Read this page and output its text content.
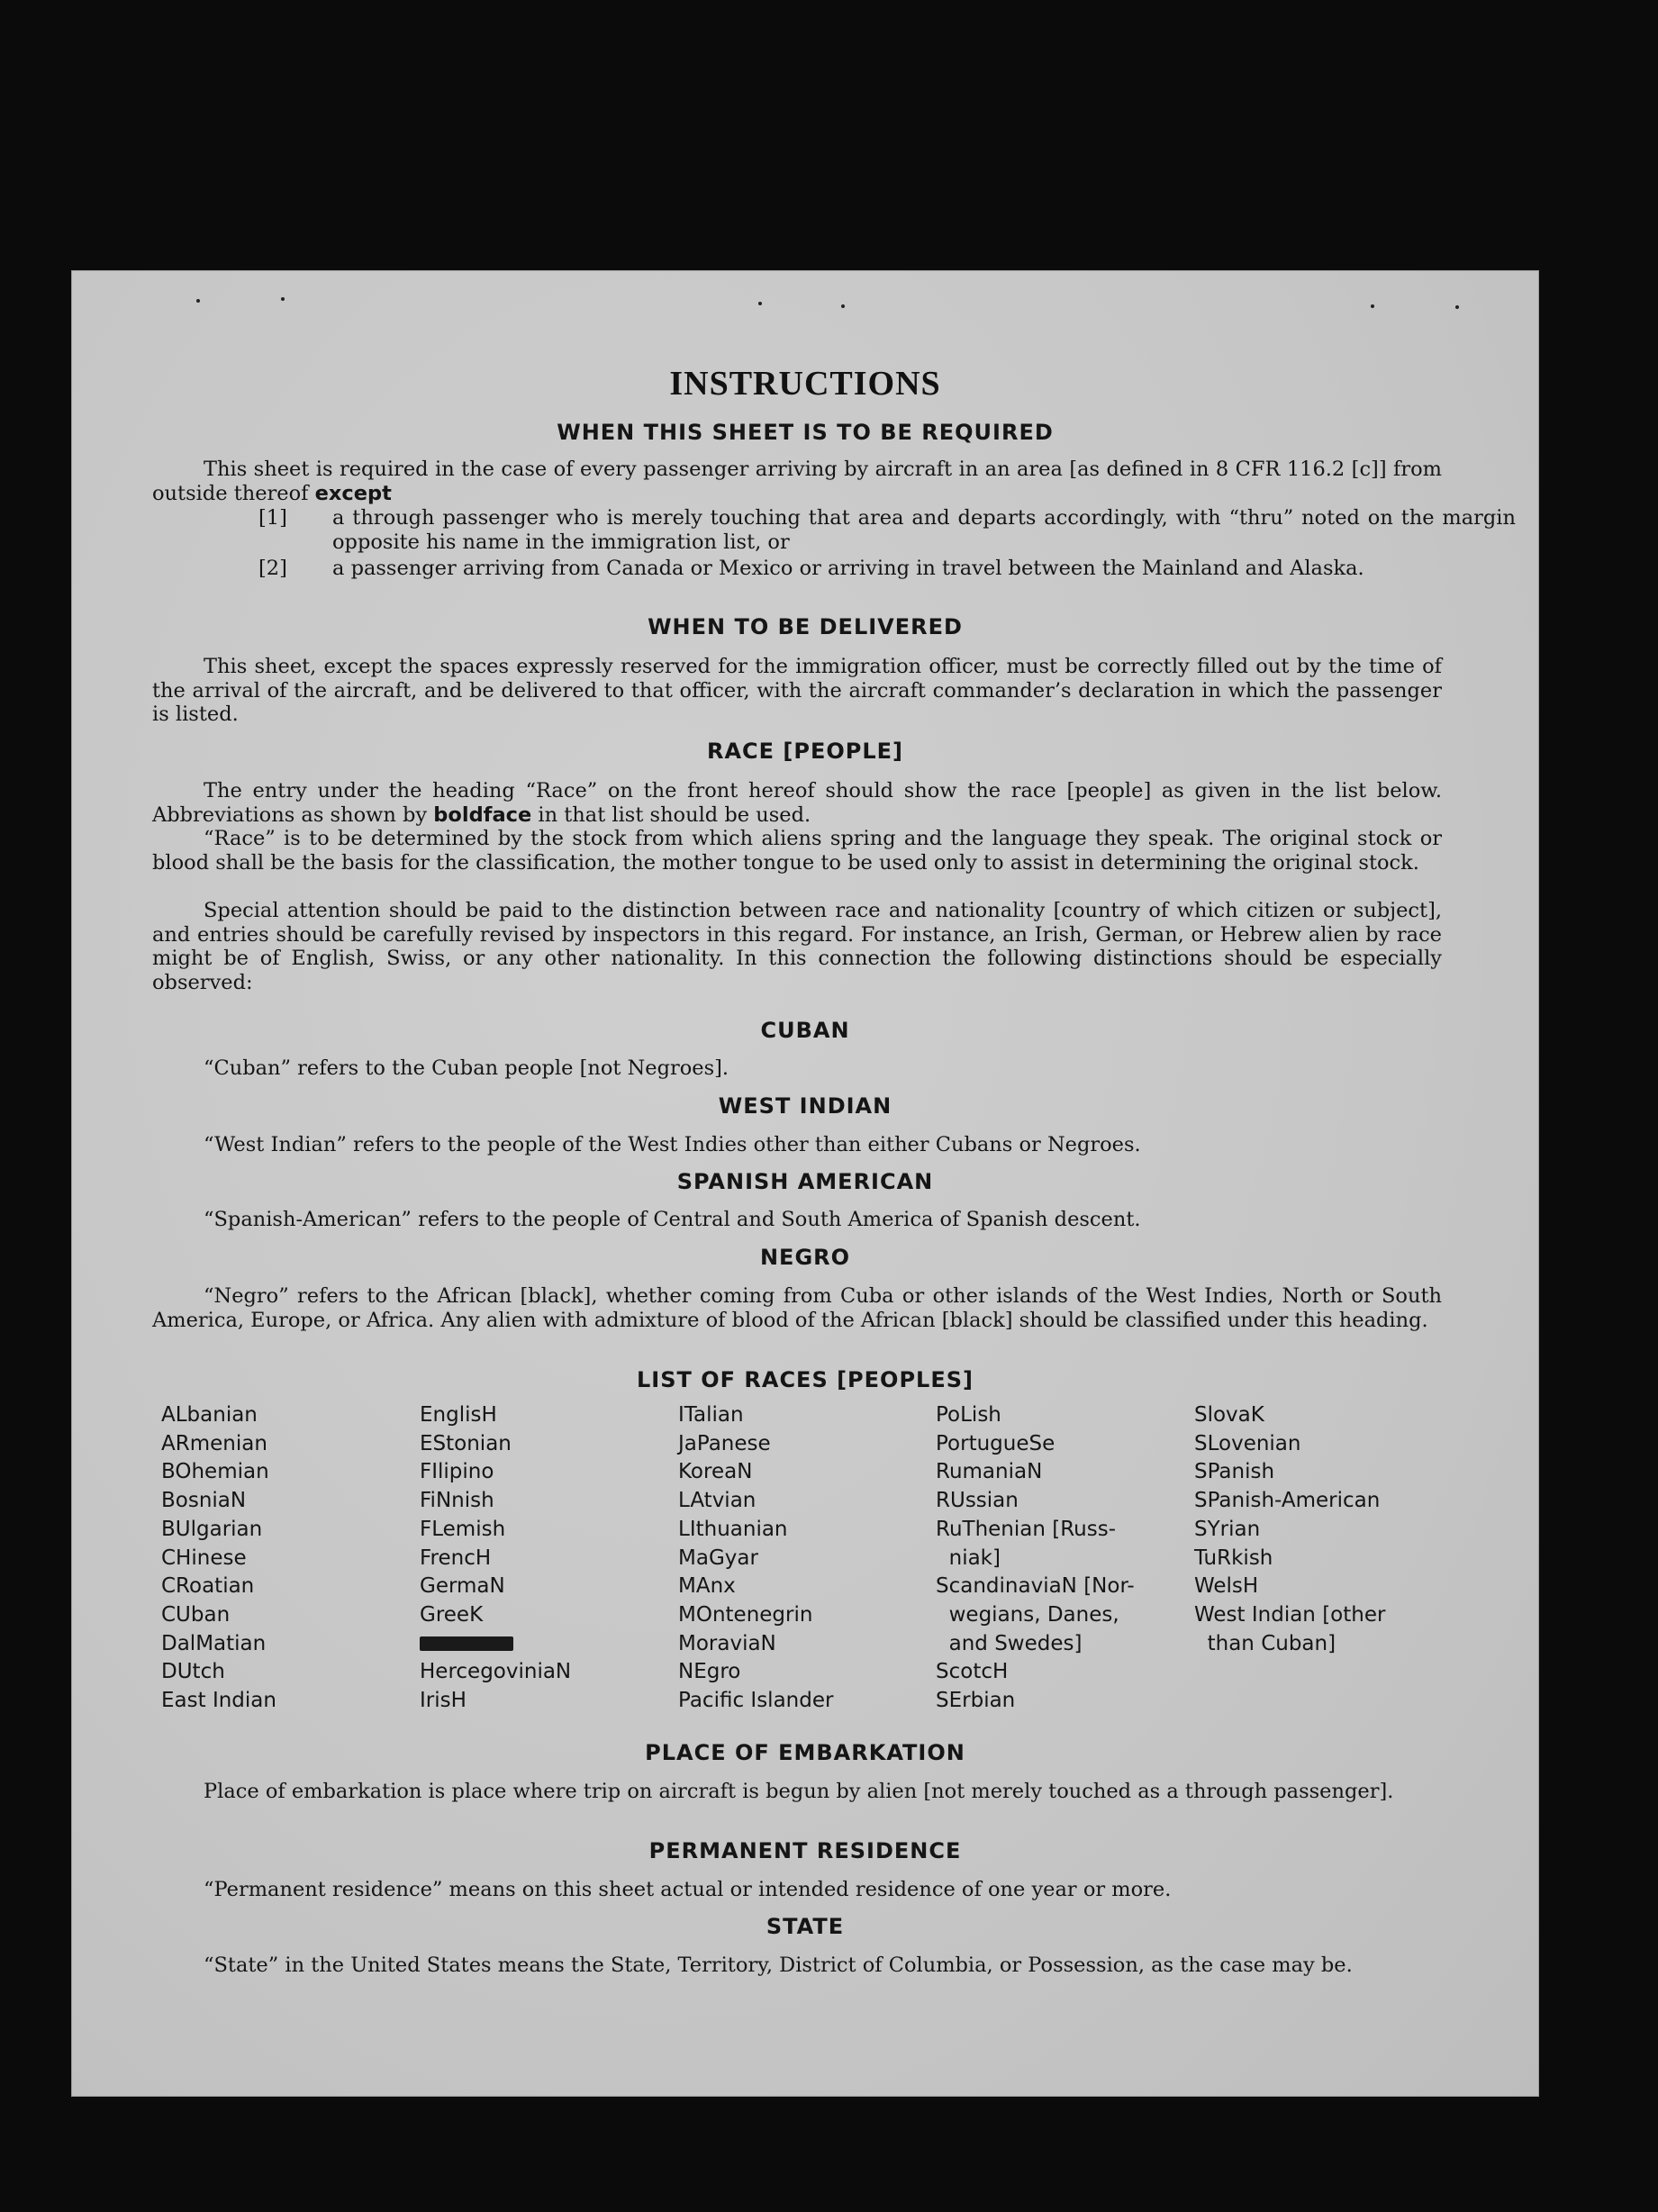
INSTRUCTIONS
WHEN THIS SHEET IS TO BE REQUIRED
This sheet is required in the case of every passenger arriving by aircraft in an area [as defined in 8 CFR 116.2 [c]] from outside thereof except
[1] a through passenger who is merely touching that area and departs accordingly, with “thru” noted on the margin opposite his name in the immigration list, or
[2] a passenger arriving from Canada or Mexico or arriving in travel between the Mainland and Alaska.
WHEN TO BE DELIVERED
This sheet, except the spaces expressly reserved for the immigration officer, must be correctly filled out by the time of the arrival of the aircraft, and be delivered to that officer, with the aircraft commander’s declaration in which the passenger is listed.
RACE [PEOPLE]
The entry under the heading “Race” on the front hereof should show the race [people] as given in the list below. Abbreviations as shown by boldface in that list should be used.
“Race” is to be determined by the stock from which aliens spring and the language they speak. The original stock or blood shall be the basis for the classification, the mother tongue to be used only to assist in determining the original stock.
Special attention should be paid to the distinction between race and nationality [country of which citizen or subject], and entries should be carefully revised by inspectors in this regard. For instance, an Irish, German, or Hebrew alien by race might be of English, Swiss, or any other nationality. In this connection the following distinctions should be especially observed:
CUBAN
“Cuban” refers to the Cuban people [not Negroes].
WEST INDIAN
“West Indian” refers to the people of the West Indies other than either Cubans or Negroes.
SPANISH AMERICAN
“Spanish-American” refers to the people of Central and South America of Spanish descent.
NEGRO
“Negro” refers to the African [black], whether coming from Cuba or other islands of the West Indies, North or South America, Europe, or Africa. Any alien with admixture of blood of the African [black] should be classified under this heading.
LIST OF RACES [PEOPLES]
ALbanian
ARmenian
BOhemian
BosniaN
BUlgarian
CHinese
CRoatian
CUban
DalMatian
DUtch
East Indian
EnglisH
EStonian
FIlipino
FiNnish
FLemish
FrencH
GermaN
GreeK
HercegoviniaN
IrisH
ITalian
JaPanese
KoreaN
LAtvian
LIthuanian
MaGyar
MAnx
MOntenegrin
MoraviaN
NEgro
Pacific Islander
PoLish
PortugueSe
RumaniaN
RUssian
RuThenian [Russ-
niak]
ScandinaviaN [Nor-
wegians, Danes,
and Swedes]
ScotcH
SErbian
SlovaK
SLovenian
SPanish
SPanish-American
SYrian
TuRkish
WelsH
West Indian [other
than Cuban]
PLACE OF EMBARKATION
Place of embarkation is place where trip on aircraft is begun by alien [not merely touched as a through passenger].
PERMANENT RESIDENCE
“Permanent residence” means on this sheet actual or intended residence of one year or more.
STATE
“State” in the United States means the State, Territory, District of Columbia, or Possession, as the case may be.
